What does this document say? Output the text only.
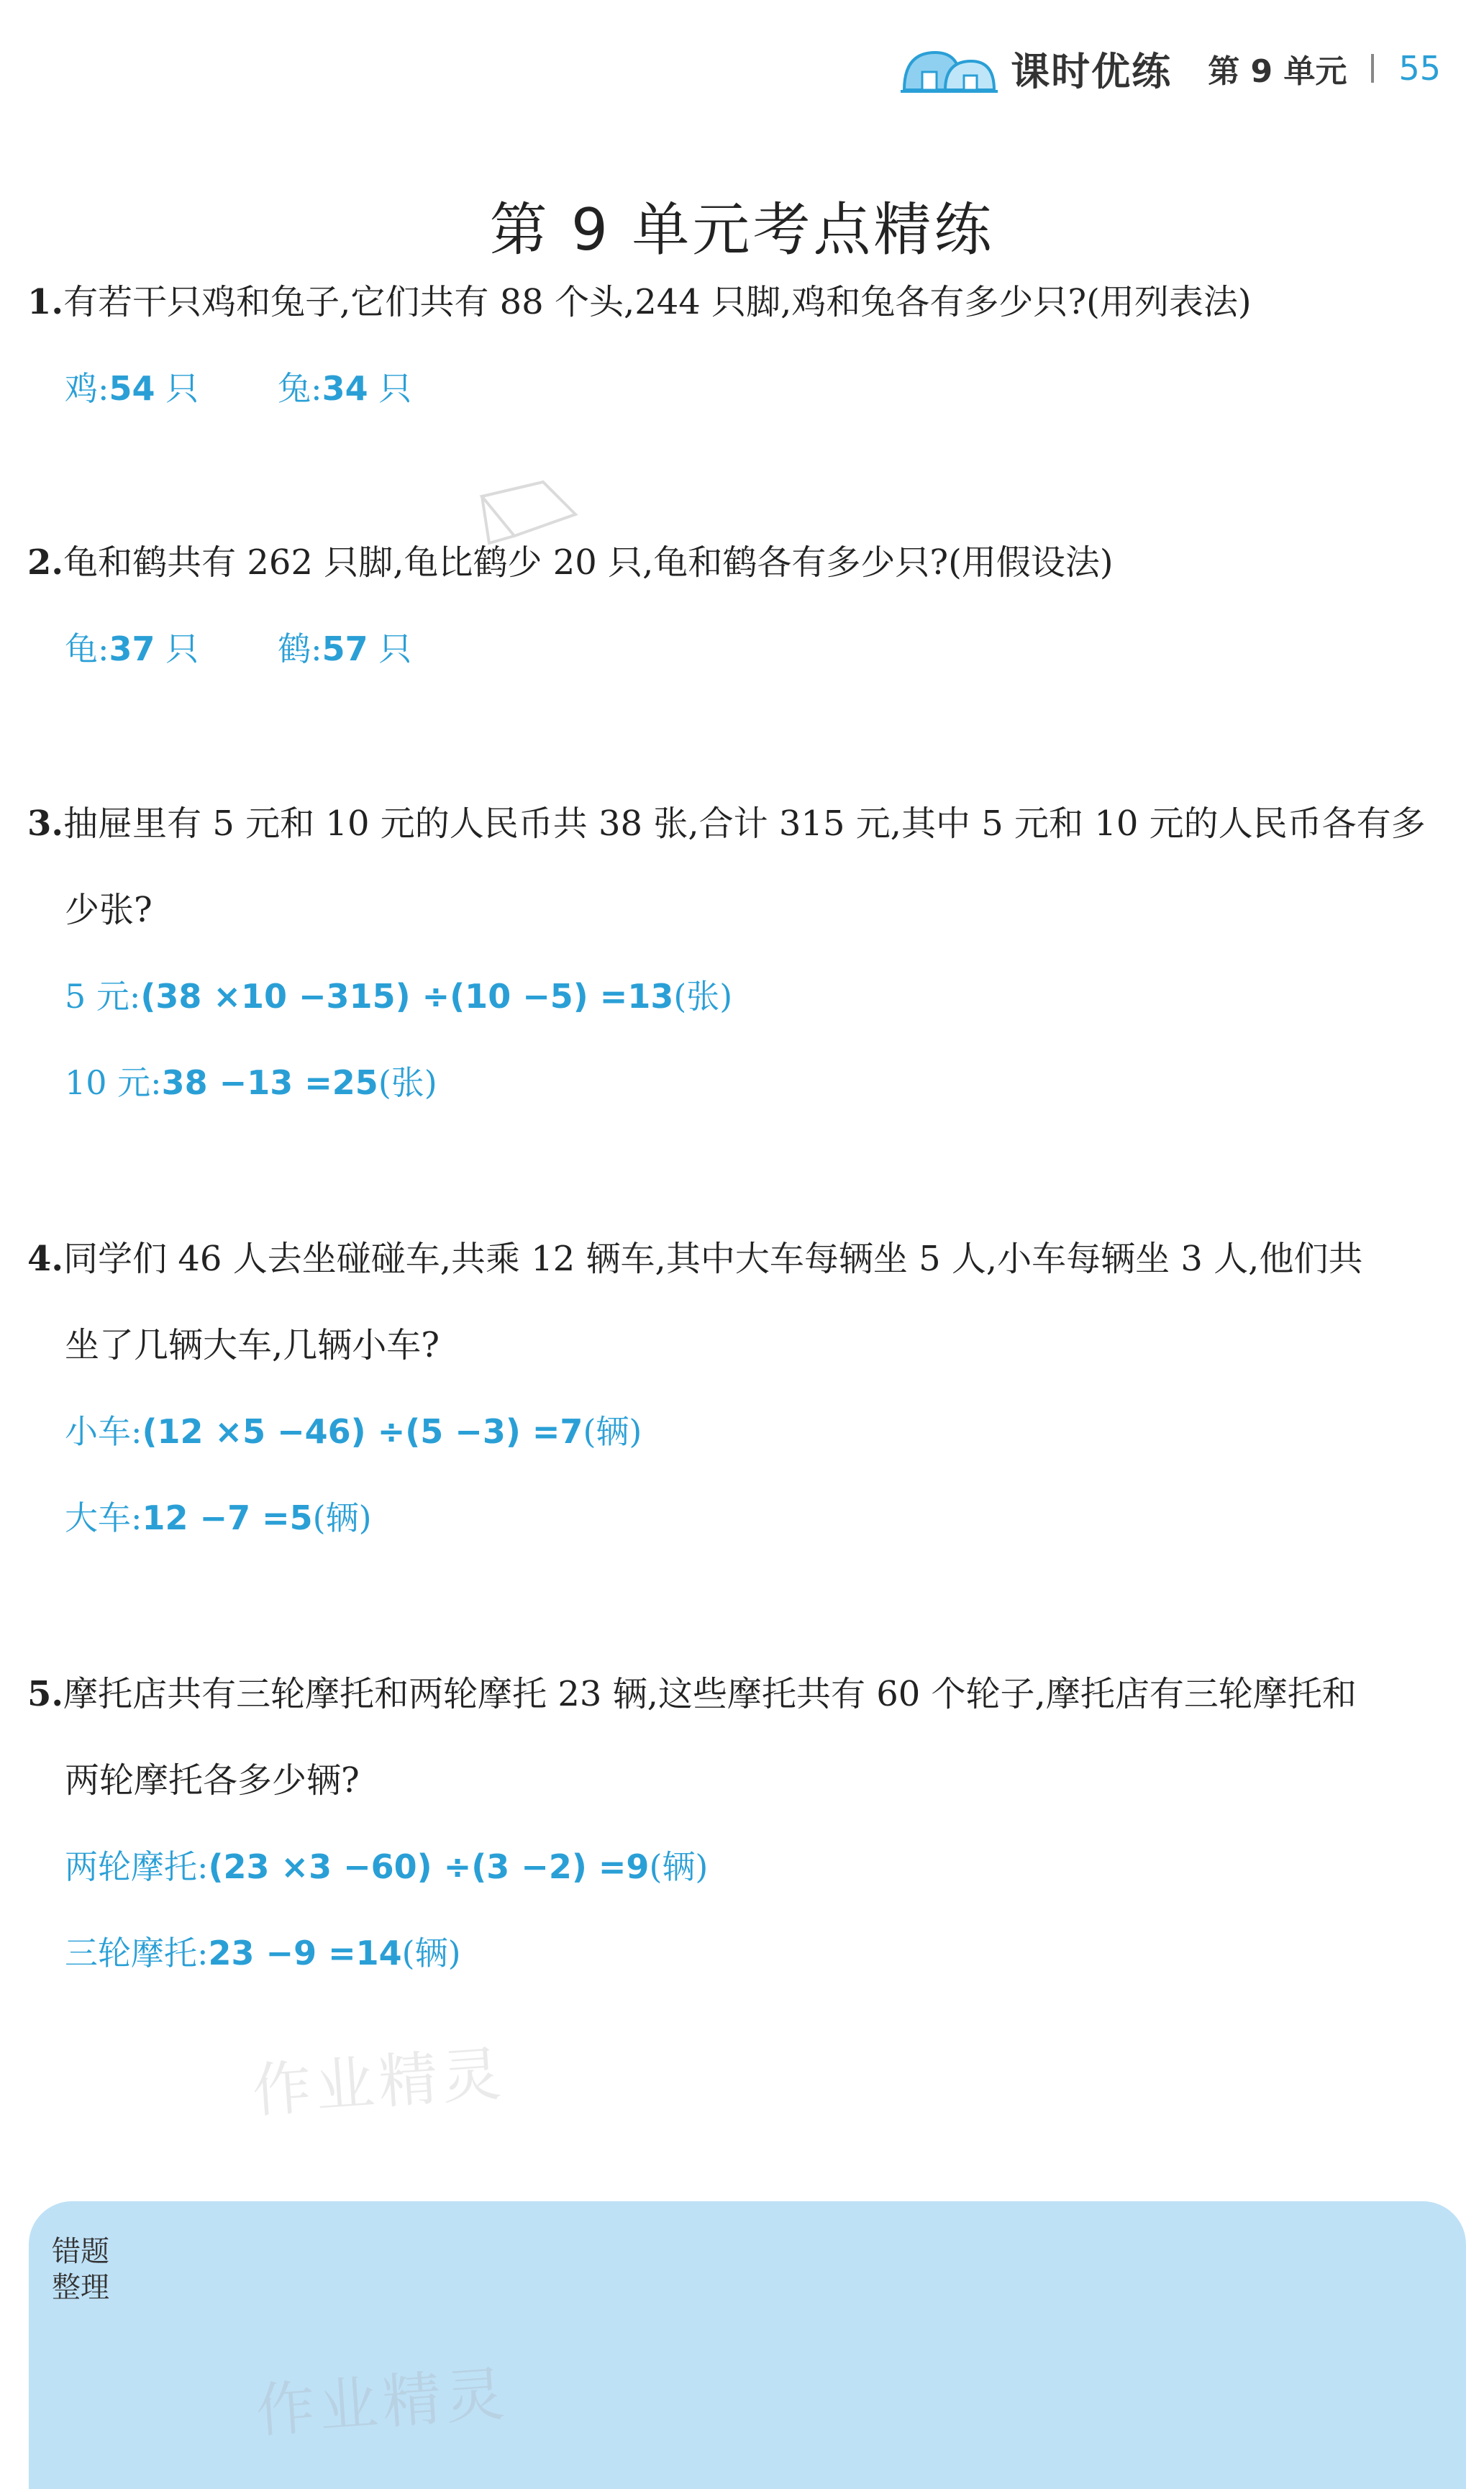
课时优练 第 9 单元 55
第 9 单元考点精练

1.有若干只鸡和兔子,它们共有 88 个头,244 只脚,鸡和兔各有多少只?(用列表法)

鸡:54 只 兔:34 只

2.龟和鹤共有 262 只脚,龟比鹤少 20 只,龟和鹤各有多少只?(用假设法)

龟:37 只 鹤:57 只

3.抽屉里有 5 元和 10 元的人民币共 38 张,合计 315 元,其中 5 元和 10 元的人民币各有多

少张?

5 元:(38 ×10 −315) ÷(10 −5) =13(张)

10 元:38 −13 =25(张)

4.同学们 46 人去坐碰碰车,共乘 12 辆车,其中大车每辆坐 5 人,小车每辆坐 3 人,他们共

坐了几辆大车,几辆小车?

小车:(12 ×5 −46) ÷(5 −3) =7(辆)

大车:12 −7 =5(辆)

5.摩托店共有三轮摩托和两轮摩托 23 辆,这些摩托共有 60 个轮子,摩托店有三轮摩托和

两轮摩托各多少辆?

两轮摩托:(23 ×3 −60) ÷(3 −2) =9(辆)

三轮摩托:23 −9 =14(辆)

作业精灵
错题
整理
作业精灵
